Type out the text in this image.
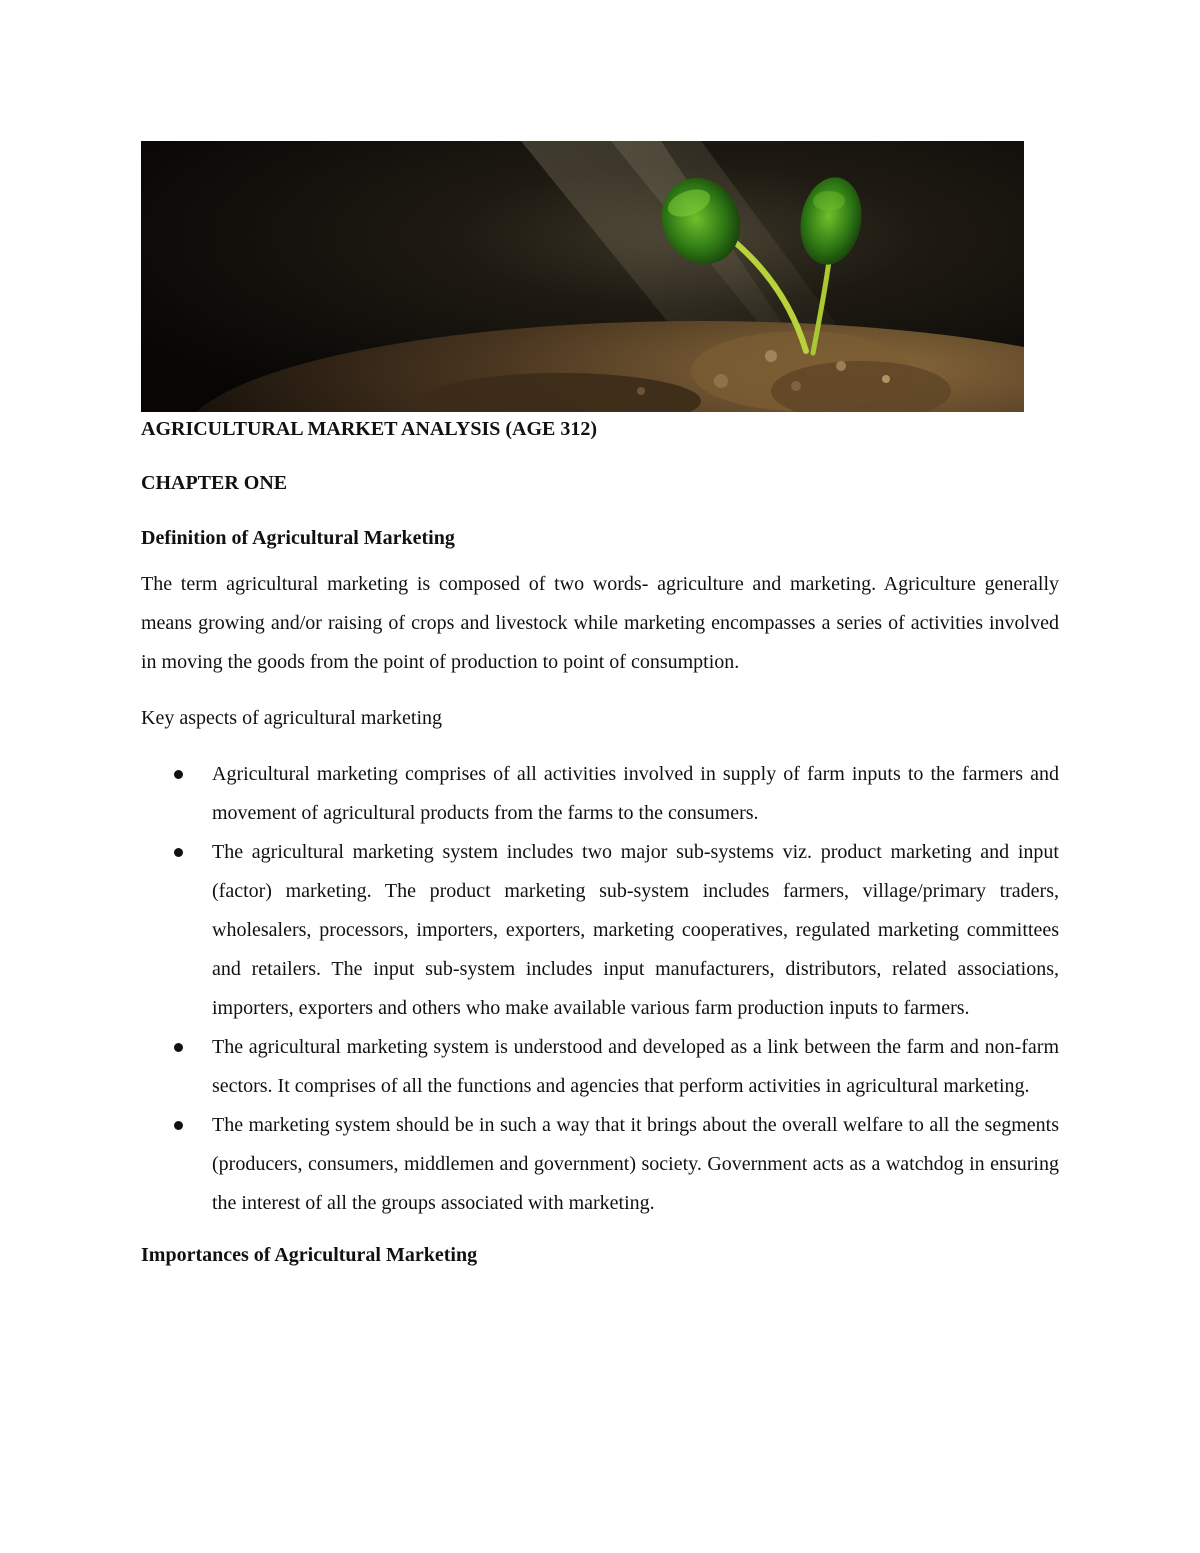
AGRICULTURAL MARKET ANALYSIS (AGE 312)

CHAPTER ONE

Definition of Agricultural Marketing

The term agricultural marketing is composed of two words- agriculture and marketing. Agriculture generally means growing and/or raising of crops and livestock while marketing encompasses a series of activities involved in moving the goods from the point of production to point of consumption.

Key aspects of agricultural marketing

Agricultural marketing comprises of all activities involved in supply of farm inputs to the farmers and movement of agricultural products from the farms to the consumers.
The agricultural marketing system includes two major sub-systems viz. product marketing and input (factor) marketing. The product marketing sub-system includes farmers, village/primary traders, wholesalers, processors, importers, exporters, marketing cooperatives, regulated marketing committees and retailers. The input sub-system includes input manufacturers, distributors, related associations, importers, exporters and others who make available various farm production inputs to farmers.
The agricultural marketing system is understood and developed as a link between the farm and non-farm sectors. It comprises of all the functions and agencies that perform activities in agricultural marketing.
The marketing system should be in such a way that it brings about the overall welfare to all the segments (producers, consumers, middlemen and government) society. Government acts as a watchdog in ensuring the interest of all the groups associated with marketing.

Importances of Agricultural Marketing
